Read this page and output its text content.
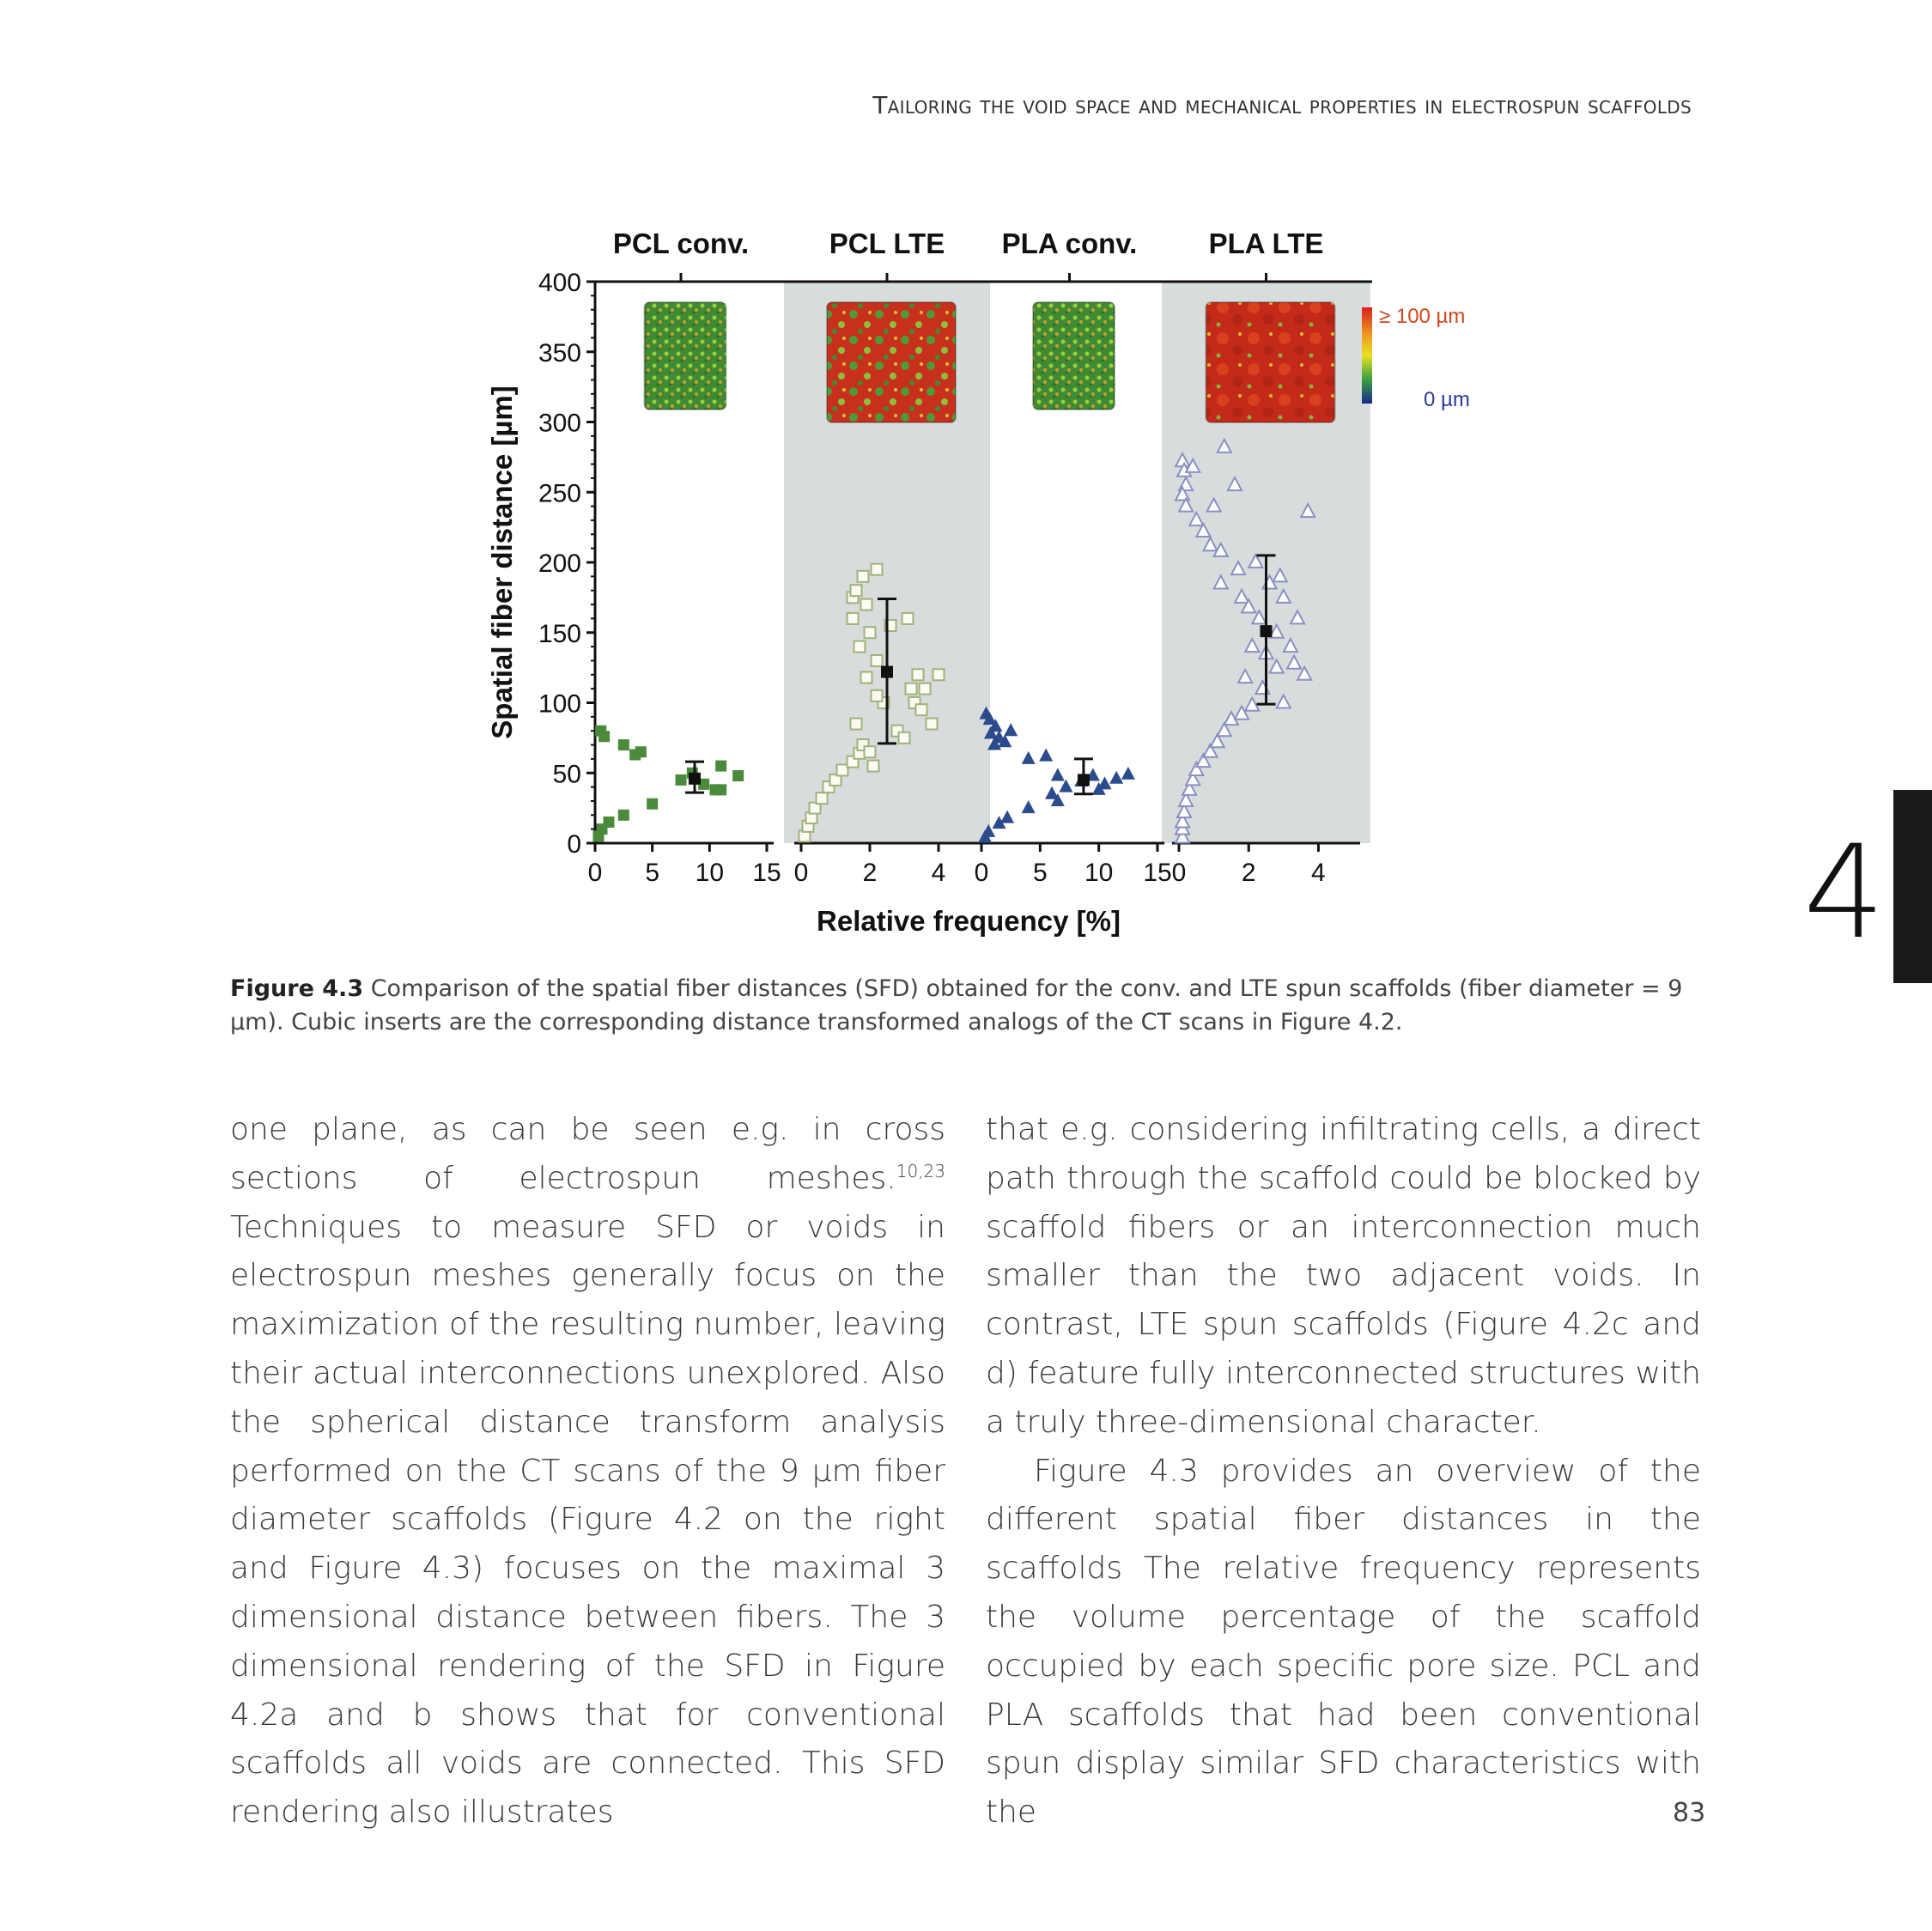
Tailoring the void space and mechanical properties in electrospun scaffolds
0
50
100
150
200
250
300
350
400
Spatial fiber distance [µm]
Relative frequency [%]
≥ 100 µm
0 µm
PCL conv.
0 5 10 15
PCL LTE
0 2 4
PLA conv.
0 5 10 15
PLA LTE
0 2 4
Figure 4.3 Comparison of the spatial fiber distances (SFD) obtained for the conv. and LTE spun scaffolds (fiber diameter = 9 µm). Cubic inserts are the corresponding distance transformed analogs of the CT scans in Figure 4.2.
one plane, as can be seen e.g. in cross sections of electrospun meshes.$^{10,23}$ Techniques to measure SFD or voids in electrospun meshes generally focus on the maximization of the resulting number, leaving their actual interconnections unexplored. Also the spherical distance transform analysis performed on the CT scans of the 9 µm fiber diameter scaffolds (Figure 4.2 on the right and Figure 4.3) focuses on the maximal 3 dimensional distance between fibers. The 3 dimensional rendering of the SFD in Figure 4.2a and b shows that for conventional scaffolds all voids are connected. This SFD rendering also illustrates
that e.g. considering infiltrating cells, a direct path through the scaffold could be blocked by scaffold fibers or an interconnection much smaller than the two adjacent voids. In contrast, LTE spun scaffolds (Figure 4.2c and d) feature fully interconnected structures with a truly three-dimensional character.
Figure 4.3 provides an overview of the different spatial fiber distances in the scaffolds The relative frequency represents the volume percentage of the scaffold occupied by each specific pore size. PCL and PLA scaffolds that had been conventional spun display similar SFD characteristics with the
4
83
